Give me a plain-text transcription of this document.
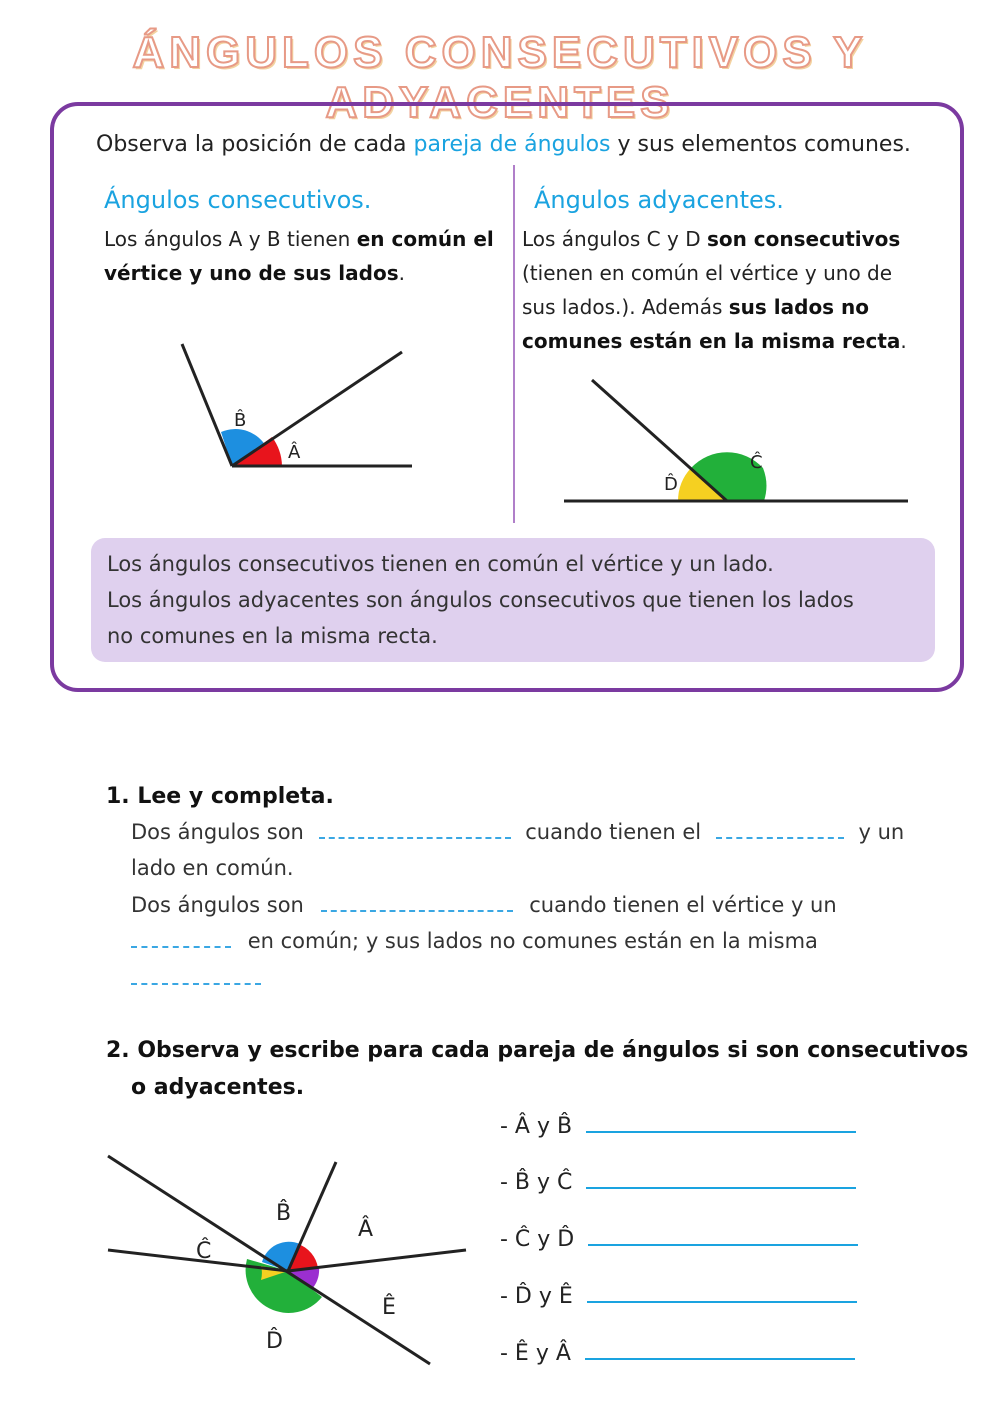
ÁNGULOS CONSECUTIVOS Y ADYACENTES
Observa la posición de cada pareja de ángulos y sus elementos comunes.
Ángulos consecutivos.
Los ángulos A y B tienen en común el vértice y uno de sus lados.
Ángulos adyacentes.
Los ángulos C y D son consecutivos (tienen en común el vértice y uno de sus lados.). Además sus lados no comunes están en la misma recta.
B̂
Â	Ĉ
D̂
Los ángulos consecutivos tienen en común el vértice y un lado.
Los ángulos adyacentes son ángulos consecutivos que tienen los lados
no comunes en la misma recta.
1. Lee y completa.
Dos ángulos son	cuando tienen el	y un
lado en común.
Dos ángulos son	cuando tienen el vértice y un
en común; y sus lados no comunes están en la misma
2. Observa y escribe para cada pareja de ángulos si son consecutivos
o adyacentes.
B̂
Â
Ĉ
Ê
D̂
- Â y B̂
- B̂ y Ĉ
- Ĉ y D̂
- D̂ y Ê
- Ê y Â
